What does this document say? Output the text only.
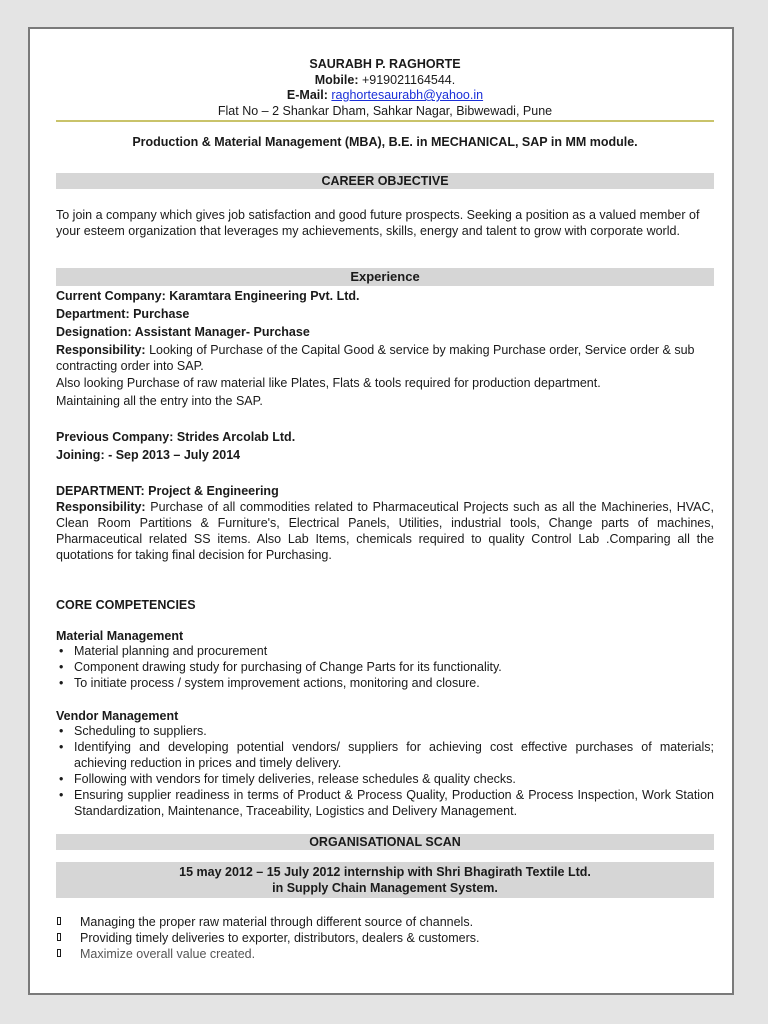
SAURABH P. RAGHORTE
Mobile: +919021164544.
E-Mail: raghortesaurabh@yahoo.in
Flat No – 2 Shankar Dham, Sahkar Nagar, Bibwewadi, Pune
Production & Material Management (MBA), B.E. in MECHANICAL, SAP in MM module.
CAREER OBJECTIVE
To join a company which gives job satisfaction and good future prospects. Seeking a position as a valued member of your esteem organization that leverages my achievements, skills, energy and talent to grow with corporate world.
Experience
Current Company: Karamtara Engineering Pvt. Ltd.
Department: Purchase
Designation: Assistant Manager- Purchase
Responsibility: Looking of Purchase of the Capital Good & service by making Purchase order, Service order & sub contracting order into SAP.
Also looking Purchase of raw material like Plates, Flats & tools required for production department.
Maintaining all the entry into the SAP.
Previous Company: Strides Arcolab Ltd.
Joining: - Sep 2013 – July 2014
DEPARTMENT: Project & Engineering
Responsibility: Purchase of all commodities related to Pharmaceutical Projects such as all the Machineries, HVAC, Clean Room Partitions & Furniture's, Electrical Panels, Utilities, industrial tools, Change parts of machines, Pharmaceutical related SS items. Also Lab Items, chemicals required to quality Control Lab .Comparing all the quotations for taking final decision for Purchasing.
CORE COMPETENCIES
Material Management
• Material planning and procurement
• Component drawing study for purchasing of Change Parts for its functionality.
• To initiate process / system improvement actions, monitoring and closure.
Vendor Management
• Scheduling to suppliers.
• Identifying and developing potential vendors/ suppliers for achieving cost effective purchases of materials; achieving reduction in prices and timely delivery.
• Following with vendors for timely deliveries, release schedules & quality checks.
• Ensuring supplier readiness in terms of Product & Process Quality, Production & Process Inspection, Work Station Standardization, Maintenance, Traceability, Logistics and Delivery Management.
ORGANISATIONAL SCAN
15 may 2012 – 15 July 2012 internship with Shri Bhagirath Textile Ltd.
in Supply Chain Management System.
Managing the proper raw material through different source of channels.
Providing timely deliveries to exporter, distributors, dealers & customers.
Maximize overall value created.
